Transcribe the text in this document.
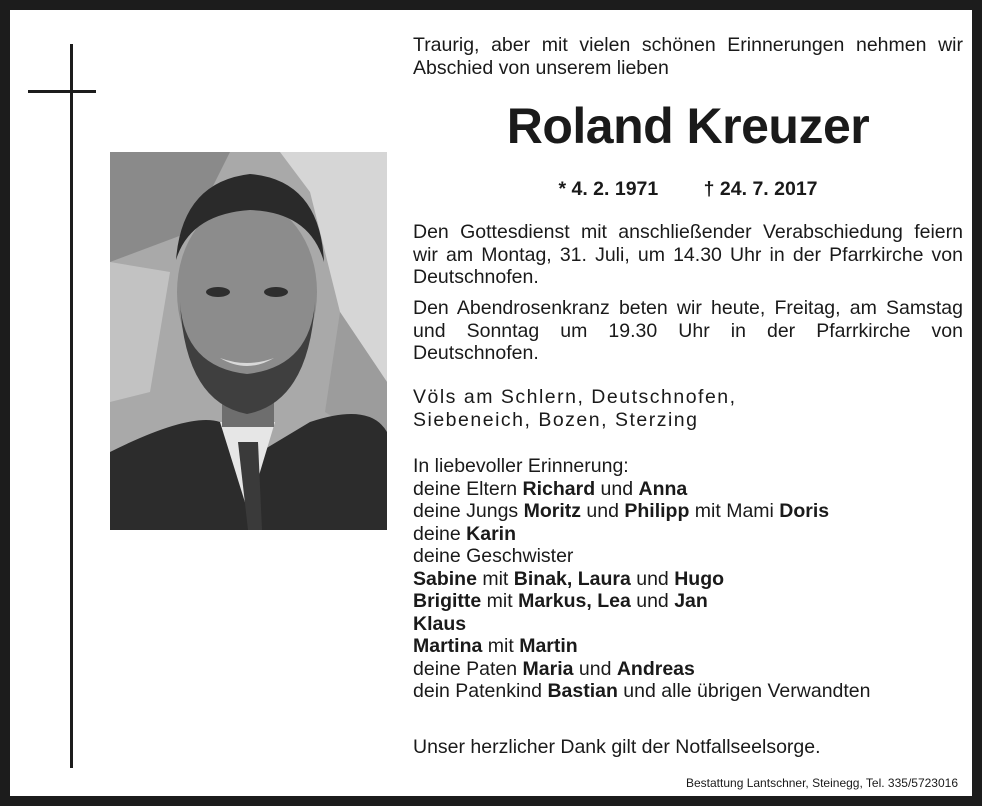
Traurig, aber mit vielen schönen Erinnerungen nehmen wir Abschied von unserem lieben
Roland Kreuzer
* 4. 2. 1971 † 24. 7. 2017
Den Gottesdienst mit anschließender Verabschiedung feiern wir am Montag, 31. Juli, um 14.30 Uhr in der Pfarrkirche von Deutschnofen.
Den Abendrosenkranz beten wir heute, Freitag, am Samstag und Sonntag um 19.30 Uhr in der Pfarrkirche von Deutschnofen.
Völs am Schlern, Deutschnofen,
Siebeneich, Bozen, Sterzing
In liebevoller Erinnerung:
deine Eltern Richard und Anna
deine Jungs Moritz und Philipp mit Mami Doris
deine Karin
deine Geschwister
Sabine mit Binak, Laura und Hugo
Brigitte mit Markus, Lea und Jan
Klaus
Martina mit Martin
deine Paten Maria und Andreas
dein Patenkind Bastian und alle übrigen Verwandten
Unser herzlicher Dank gilt der Notfallseelsorge.
Bestattung Lantschner, Steinegg, Tel. 335/5723016
